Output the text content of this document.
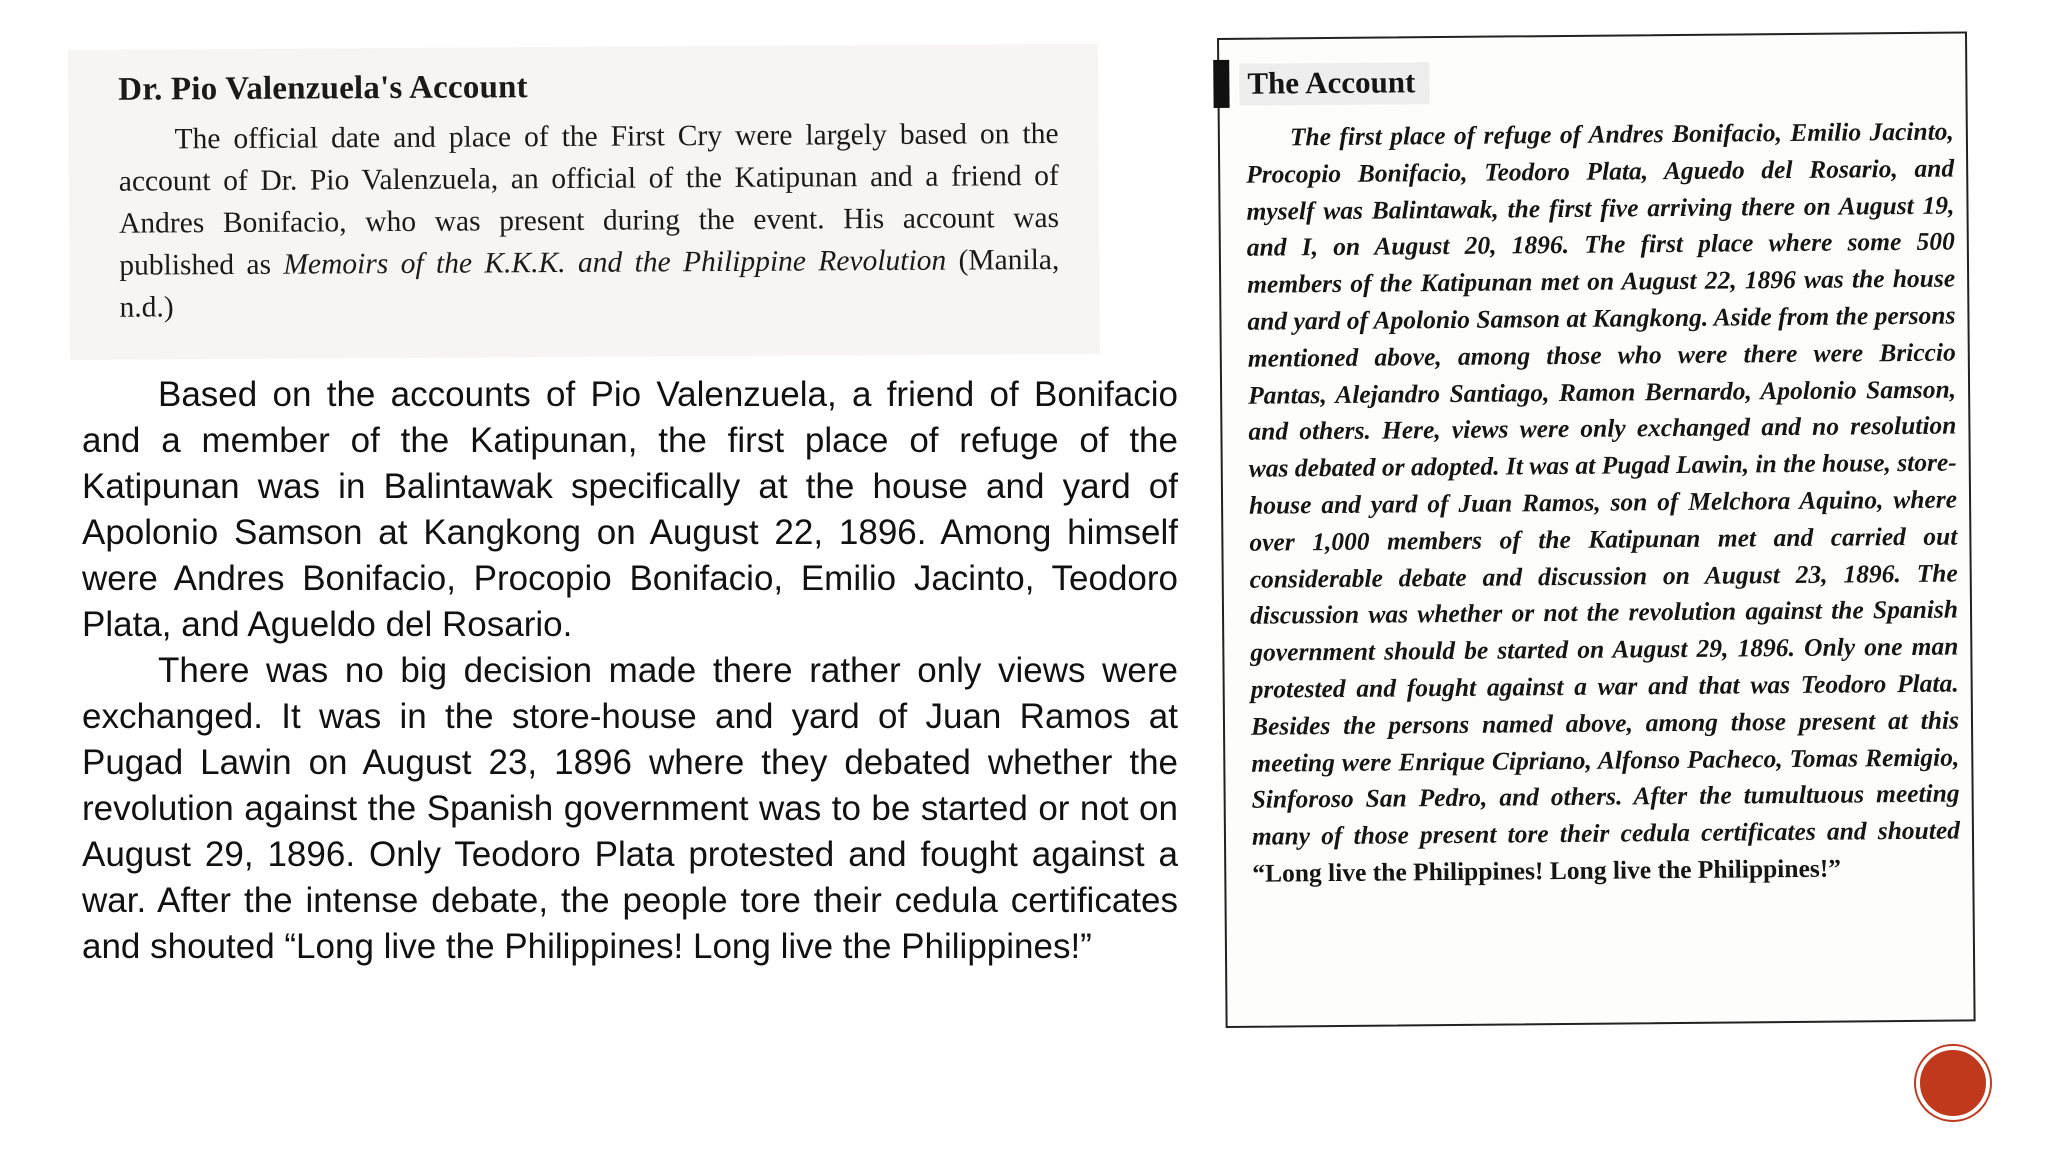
Dr. Pio Valenzuela's Account

The official date and place of the First Cry were largely based on the account of Dr. Pio Valenzuela, an official of the Katipunan and a friend of Andres Bonifacio, who was present during the event. His account was published as Memoirs of the K.K.K. and the Philippine Revolution (Manila, n.d.)

Based on the accounts of Pio Valenzuela, a friend of Bonifacio and a member of the Katipunan, the first place of refuge of the Katipunan was in Balintawak specifically at the house and yard of Apolonio Samson at Kangkong on August 22, 1896. Among himself were Andres Bonifacio, Procopio Bonifacio, Emilio Jacinto, Teodoro Plata, and Agueldo del Rosario.

There was no big decision made there rather only views were exchanged. It was in the store-house and yard of Juan Ramos at Pugad Lawin on August 23, 1896 where they debated whether the revolution against the Spanish government was to be started or not on August 29, 1896. Only Teodoro Plata protested and fought against a war. After the intense debate, the people tore their cedula certificates and shouted “Long live the Philippines! Long live the Philippines!”

The Account

The first place of refuge of Andres Bonifacio, Emilio Jacinto, Procopio Bonifacio, Teodoro Plata, Aguedo del Rosario, and myself was Balintawak, the first five arriving there on August 19, and I, on August 20, 1896. The first place where some 500 members of the Katipunan met on August 22, 1896 was the house and yard of Apolonio Samson at Kangkong. Aside from the persons mentioned above, among those who were there were Briccio Pantas, Alejandro Santiago, Ramon Bernardo, Apolonio Samson, and others. Here, views were only exchanged and no resolution was debated or adopted. It was at Pugad Lawin, in the house, store-house and yard of Juan Ramos, son of Melchora Aquino, where over 1,000 members of the Katipunan met and carried out considerable debate and discussion on August 23, 1896. The discussion was whether or not the revolution against the Spanish government should be started on August 29, 1896. Only one man protested and fought against a war and that was Teodoro Plata. Besides the persons named above, among those present at this meeting were Enrique Cipriano, Alfonso Pacheco, Tomas Remigio, Sinforoso San Pedro, and others. After the tumultuous meeting many of those present tore their cedula certificates and shouted “Long live the Philippines! Long live the Philippines!”
